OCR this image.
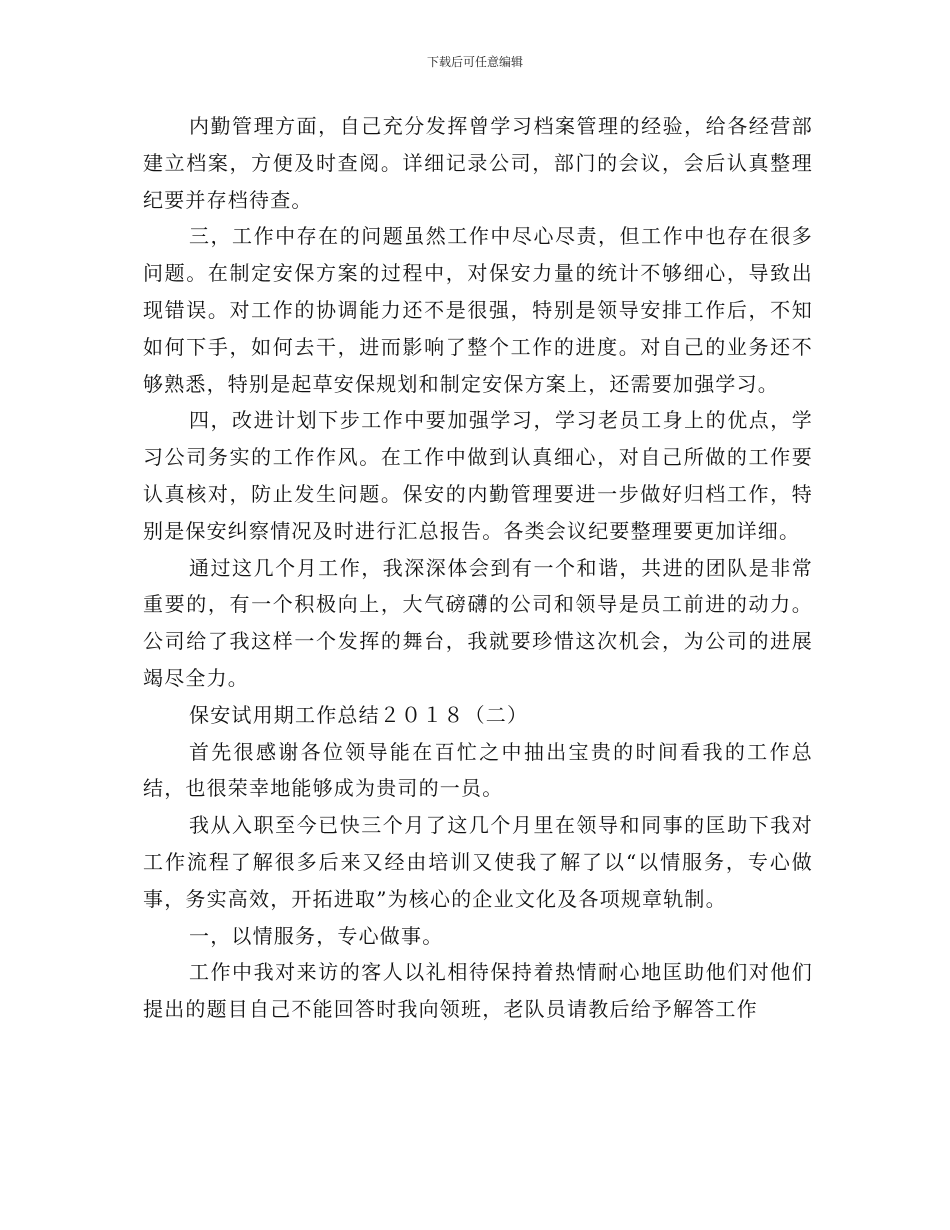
下载后可任意编辑

内勤管理方面，自己充分发挥曾学习档案管理的经验，给各经营部建立档案，方便及时查阅。详细记录公司，部门的会议，会后认真整理纪要并存档待查。

三，工作中存在的问题虽然工作中尽心尽责，但工作中也存在很多问题。在制定安保方案的过程中，对保安力量的统计不够细心，导致出现错误。对工作的协调能力还不是很强，特别是领导安排工作后，不知如何下手，如何去干，进而影响了整个工作的进度。对自己的业务还不够熟悉，特别是起草安保规划和制定安保方案上，还需要加强学习。

四，改进计划下步工作中要加强学习，学习老员工身上的优点，学习公司务实的工作作风。在工作中做到认真细心，对自己所做的工作要认真核对，防止发生问题。保安的内勤管理要进一步做好归档工作，特别是保安纠察情况及时进行汇总报告。各类会议纪要整理要更加详细。

通过这几个月工作，我深深体会到有一个和谐，共进的团队是非常重要的，有一个积极向上，大气磅礴的公司和领导是员工前进的动力。公司给了我这样一个发挥的舞台，我就要珍惜这次机会，为公司的进展竭尽全力。

保安试用期工作总结２０１８（二）

首先很感谢各位领导能在百忙之中抽出宝贵的时间看我的工作总结，也很荣幸地能够成为贵司的一员。

我从入职至今已快三个月了这几个月里在领导和同事的匡助下我对工作流程了解很多后来又经由培训又使我了解了以“以情服务，专心做事，务实高效，开拓进取”为核心的企业文化及各项规章轨制。

一，以情服务，专心做事。

工作中我对来访的客人以礼相待保持着热情耐心地匡助他们对他们提出的题目自己不能回答时我向领班，老队员请教后给予解答工作
